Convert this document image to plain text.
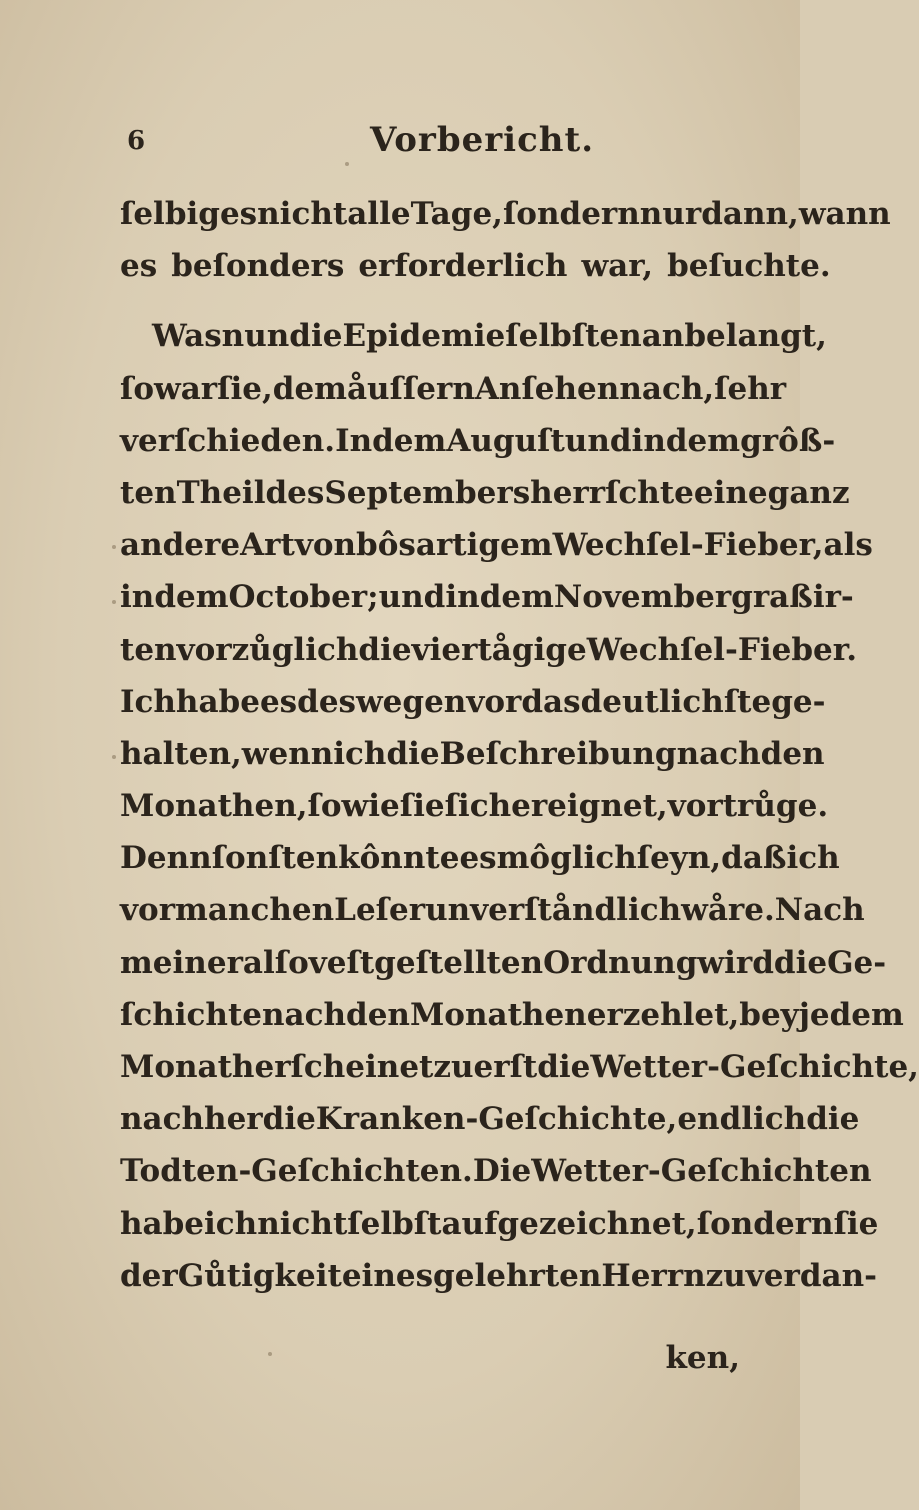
6	Vorbericht.
ſelbiges nicht alle Tage, ſondern nur dann, wann
es beſonders erforderlich war, beſuchte.
Was nun die Epidemie ſelbſten anbelangt,
ſo war ſie, dem åuſſern Anſehen nach, ſehr
verſchieden. In dem Auguſt und in dem grôß-
ten Theil des Septembers herrſchte eine ganz
andere Art von bôsartigem Wechſel-Fieber, als
in dem October; und in dem November graßir-
ten vorzůglich die viertågige Wechſel-Fieber.
Ich habe es deswegen vor das deutlichſte ge-
halten, wenn ich die Beſchreibung nach den
Monathen, ſo wie ſie ſich ereignet, vortrůge.
Denn ſonſten kônnte es môglich ſeyn, daß ich
vor manchen Leſer unverſtåndlich wåre. Nach
meiner alſo veſtgeſtellten Ordnung wird die Ge-
ſchichte nach den Monathen erzehlet, bey jedem
Monath erſcheinet zuerſt die Wetter-Geſchichte,
nachher die Kranken-Geſchichte, endlich die
Todten-Geſchichten. Die Wetter-Geſchichten
habe ich nicht ſelbſt aufgezeichnet, ſondern ſie
der Gůtigkeit eines gelehrten Herrn zu verdan-
ken,
